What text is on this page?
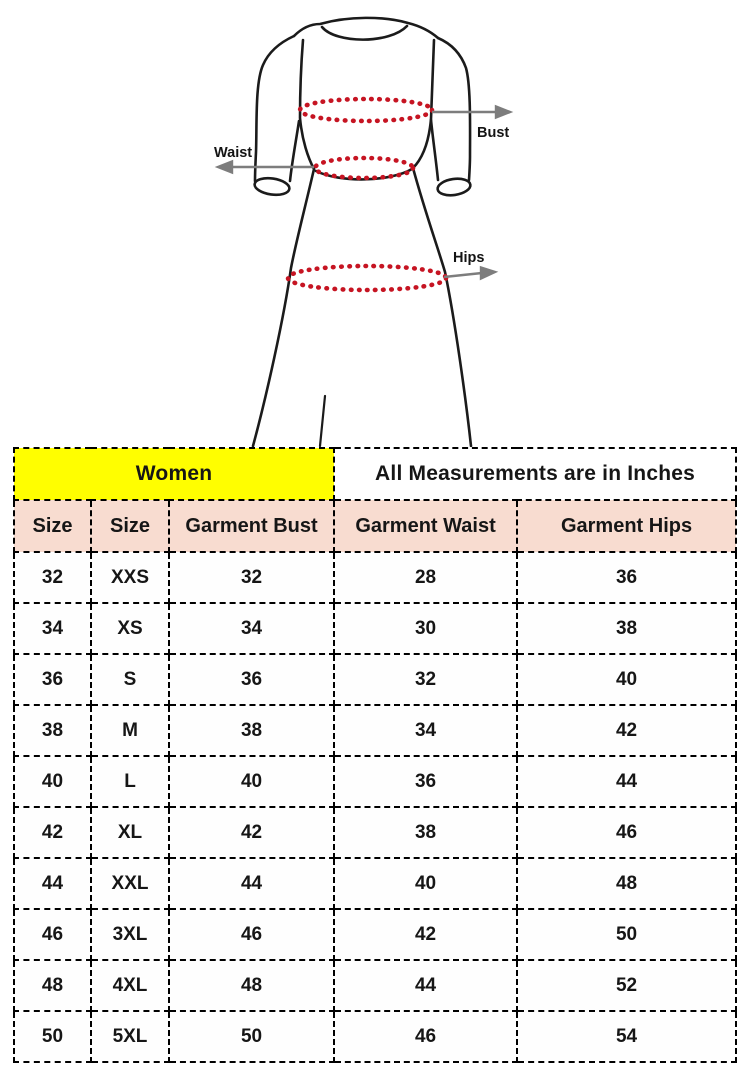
Bust
Waist
Hips
Women			All Measurements are in Inches	
Size	Size	Garment Bust	Garment Waist	Garment Hips
32	XXS	32	28	36
34	XS	34	30	38
36	S	36	32	40
38	M	38	34	42
40	L	40	36	44
42	XL	42	38	46
44	XXL	44	40	48
46	3XL	46	42	50
48	4XL	48	44	52
50	5XL	50	46	54
